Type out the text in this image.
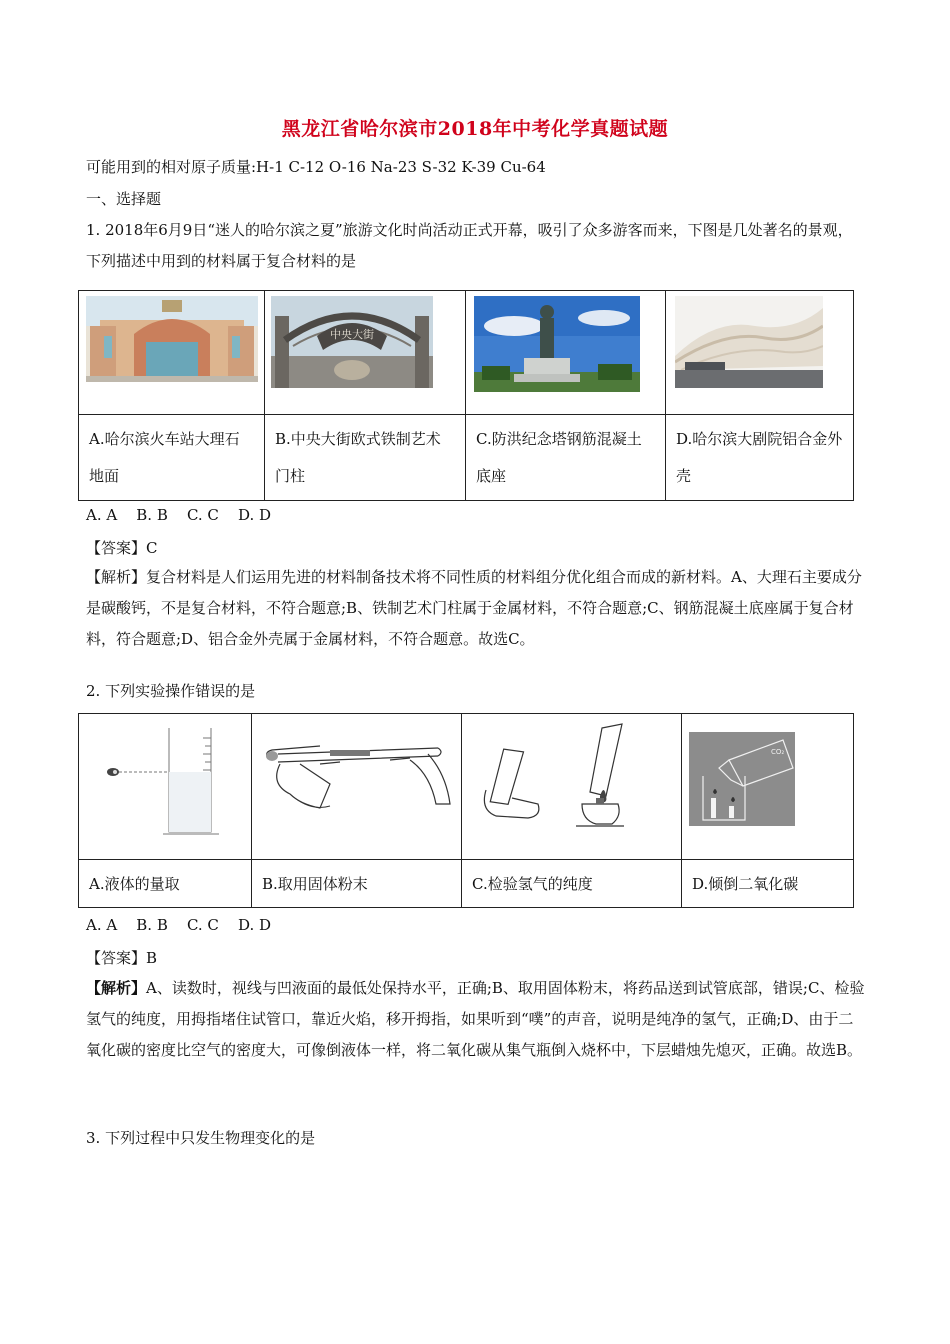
黑龙江省哈尔滨市2018年中考化学真题试题
可能用到的相对原子质量:H-1 C-12 O-16 Na-23 S-32 K-39 Cu-64
一、选择题
1. 2018年6月9日“迷人的哈尔滨之夏”旅游文化时尚活动正式开幕，吸引了众多游客而来，下图是几处著名的景观，下列描述中用到的材料属于复合材料的是

中央大街

A.哈尔滨火车站大理石地面	B.中央大街欧式铁制艺术门柱	C.防洪纪念塔钢筋混凝土底座	D.哈尔滨大剧院铝合金外壳
A. A B. B C. C D. D
【答案】C
【解析】复合材料是人们运用先进的材料制备技术将不同性质的材料组分优化组合而成的新材料。A、大理石主要成分是碳酸钙，不是复合材料，不符合题意;B、铁制艺术门柱属于金属材料，不符合题意;C、钢筋混凝土底座属于复合材料，符合题意;D、铝合金外壳属于金属材料，不符合题意。故选C。
2. 下列实验操作错误的是

CO₂

A.液体的量取	B.取用固体粉末	C.检验氢气的纯度	D.倾倒二氧化碳
A. A B. B C. C D. D
【答案】B
【解析】A、读数时，视线与凹液面的最低处保持水平，正确;B、取用固体粉末，将药品送到试管底部，错误;C、检验氢气的纯度，用拇指堵住试管口，靠近火焰，移开拇指，如果听到“噗”的声音，说明是纯净的氢气，正确;D、由于二氧化碳的密度比空气的密度大，可像倒液体一样，将二氧化碳从集气瓶倒入烧杯中，下层蜡烛先熄灭，正确。故选B。
3. 下列过程中只发生物理变化的是
